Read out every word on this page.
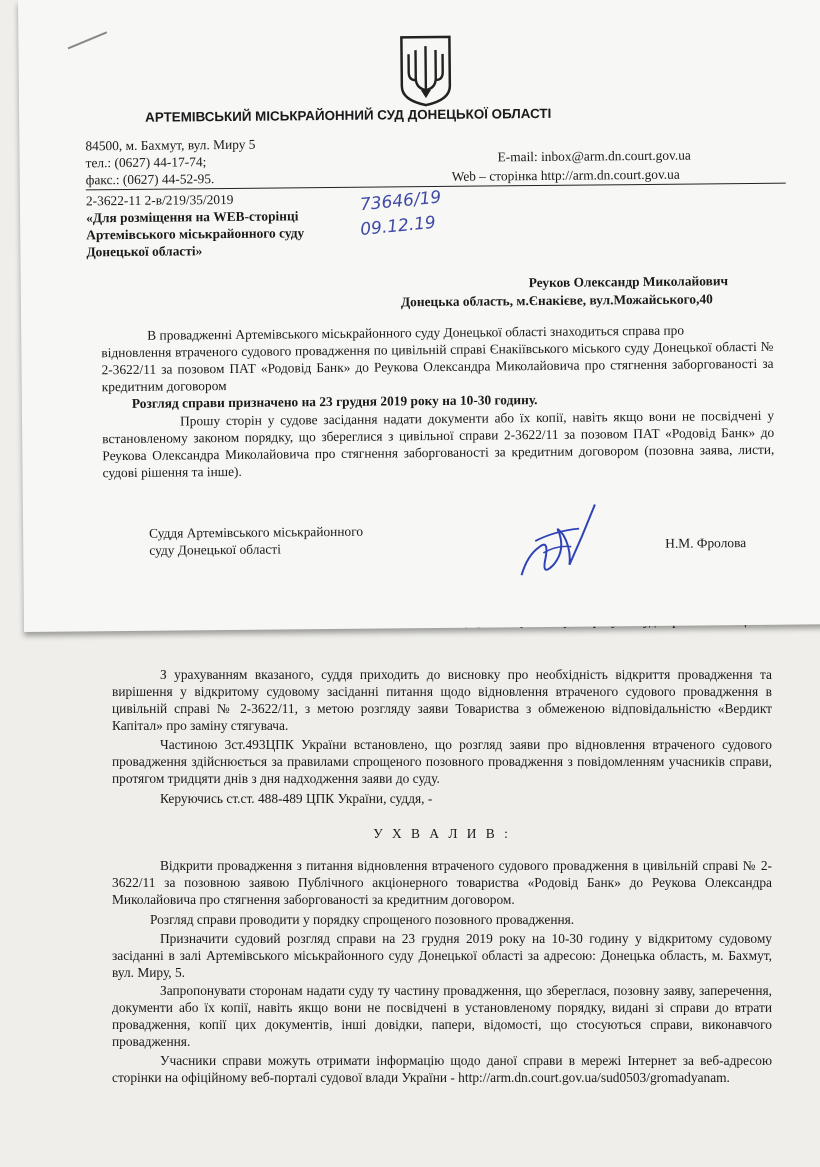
З урахуванням вказаного, суддя приходить до висновку про необхідність відкриття провадження та вирішення у відкритому судовому засіданні питання щодо відновлення втраченого судового провадження в цивільній справі № 2-3622/11, з метою розгляду заяви Товариства з обмеженою відповідальністю «Вердикт Капітал» про заміну стягувача.
Частиною 3ст.493ЦПК України встановлено, що розгляд заяви про відновлення втраченого судового провадження здійснюється за правилами спрощеного позовного провадження з повідомленням учасників справи, протягом тридцяти днів з дня надходження заяви до суду.
Керуючись ст.ст. 488-489 ЦПК України, суддя, -
У Х В А Л И В :
Відкрити провадження з питання відновлення втраченого судового провадження в цивільній справі № 2-3622/11 за позовною заявою Публічного акціонерного товариства «Родовід Банк» до Реукова Олександра Миколайовича про стягнення заборгованості за кредитним договором.
Розгляд справи проводити у порядку спрощеного позовного провадження.
Призначити судовий розгляд справи на 23 грудня 2019 року на 10-30 годину у відкритому судовому засіданні в залі Артемівського міськрайонного суду Донецької області за адресою: Донецька область, м. Бахмут, вул. Миру, 5.
Запропонувати сторонам надати суду ту частину провадження, що збереглася, позовну заяву, заперечення, документи або їх копії, навіть якщо вони не посвідчені в установленому порядку, видані зі справи до втрати провадження, копії цих документів, інші довідки, папери, відомості, що стосуються справи, виконавчого провадження.
Учасники справи можуть отримати інформацію щодо даної справи в мережі Інтернет за веб-адресою сторінки на офіційному веб-порталі судової влади України - http://arm.dn.court.gov.ua/sud0503/gromadyanam.
АРТЕМІВСЬКИЙ МІСЬКРАЙОННИЙ СУД ДОНЕЦЬКОЇ ОБЛАСТІ
84500, м. Бахмут, вул. Миру 5
тел.: (0627) 44-17-74;
факс.: (0627) 44-52-95.
E-mail: inbox@arm.dn.court.gov.ua
Web – сторінка http://arm.dn.court.gov.ua
2-3622-11 2-в/219/35/2019
«Для розміщення на WEB-сторінці
Артемівського міськрайонного суду
Донецької області»
73646/19
09.12.19
Реуков Олександр Миколайович
Донецька область, м.Єнакієве, вул.Можайського,40
В провадженні Артемівського міськрайонного суду Донецької області знаходиться справа про
відновлення втраченого судового провадження по цивільній справі Єнакіївського міського суду Донецької області № 2-3622/11 за позовом ПАТ «Родовід Банк» до Реукова Олександра Миколайовича про стягнення заборгованості за кредитним договором
Розгляд справи призначено на 23 грудня 2019 року на 10-30 годину.
Прошу сторін у судове засідання надати документи або їх копії, навіть якщо вони не посвідчені у встановленому законом порядку, що збереглися з цивільної справи 2-3622/11 за позовом ПАТ «Родовід Банк» до Реукова Олександра Миколайовича про стягнення заборгованості за кредитним договором (позовна заява, листи, судові рішення та інше).
Суддя Артемівського міськрайонного
суду Донецької області	Н.М. Фролова
